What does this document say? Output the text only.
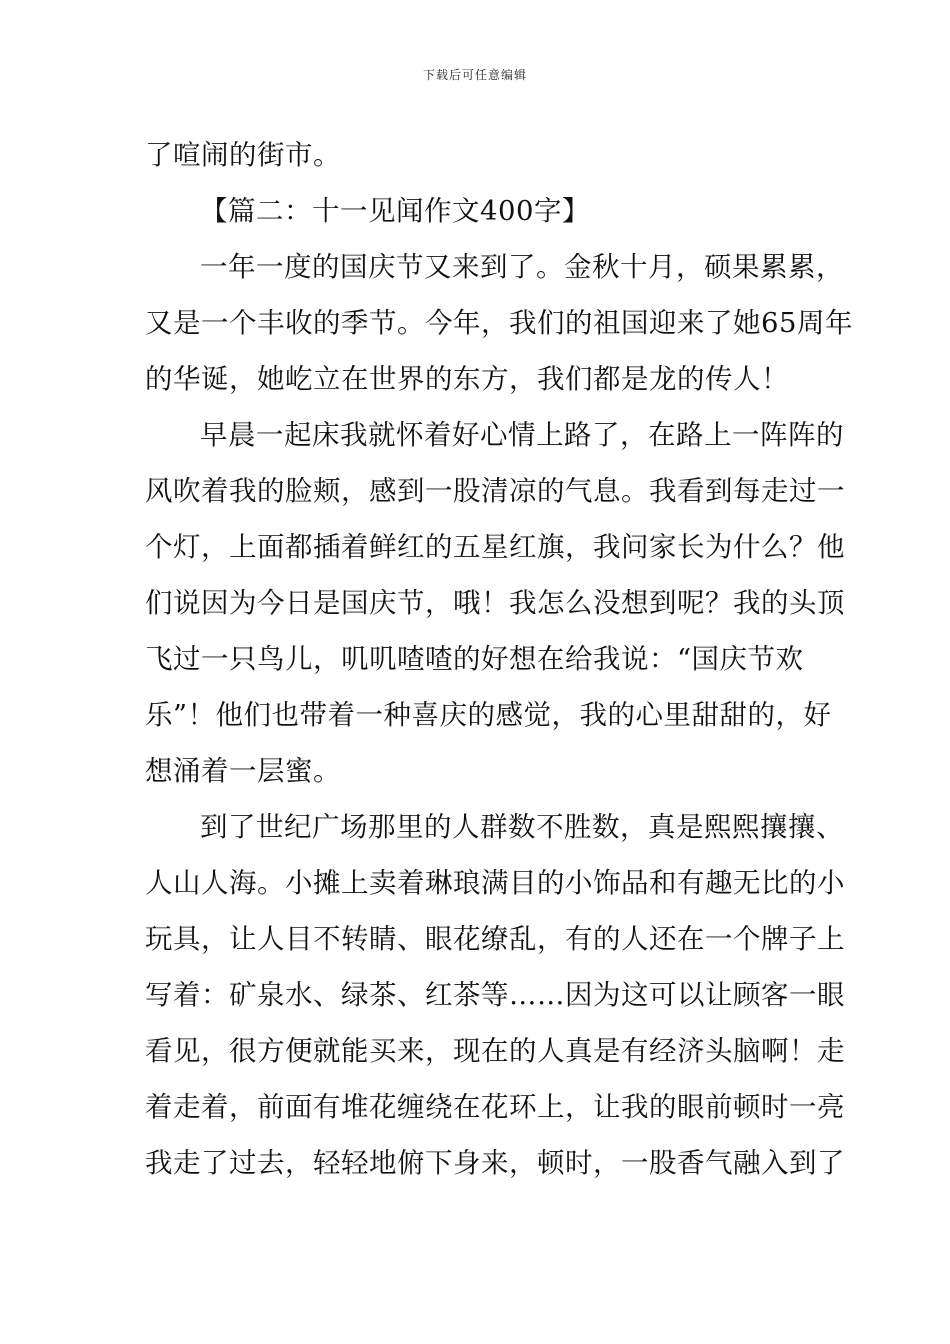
下载后可任意编辑
了喧闹的街市。
【篇二：十一见闻作文400字】
一年一度的国庆节又来到了。金秋十月，硕果累累，
又是一个丰收的季节。今年，我们的祖国迎来了她65周年
的华诞，她屹立在世界的东方，我们都是龙的传人！
早晨一起床我就怀着好心情上路了，在路上一阵阵的
风吹着我的脸颊，感到一股清凉的气息。我看到每走过一
个灯，上面都插着鲜红的五星红旗，我问家长为什么？他
们说因为今日是国庆节，哦！我怎么没想到呢？我的头顶
飞过一只鸟儿，叽叽喳喳的好想在给我说：“国庆节欢
乐”！他们也带着一种喜庆的感觉，我的心里甜甜的，好
想涌着一层蜜。
到了世纪广场那里的人群数不胜数，真是熙熙攘攘、
人山人海。小摊上卖着琳琅满目的小饰品和有趣无比的小
玩具，让人目不转睛、眼花缭乱，有的人还在一个牌子上
写着：矿泉水、绿茶、红茶等……因为这可以让顾客一眼
看见，很方便就能买来，现在的人真是有经济头脑啊！走
着走着，前面有堆花缠绕在花环上，让我的眼前顿时一亮
我走了过去，轻轻地俯下身来，顿时，一股香气融入到了
